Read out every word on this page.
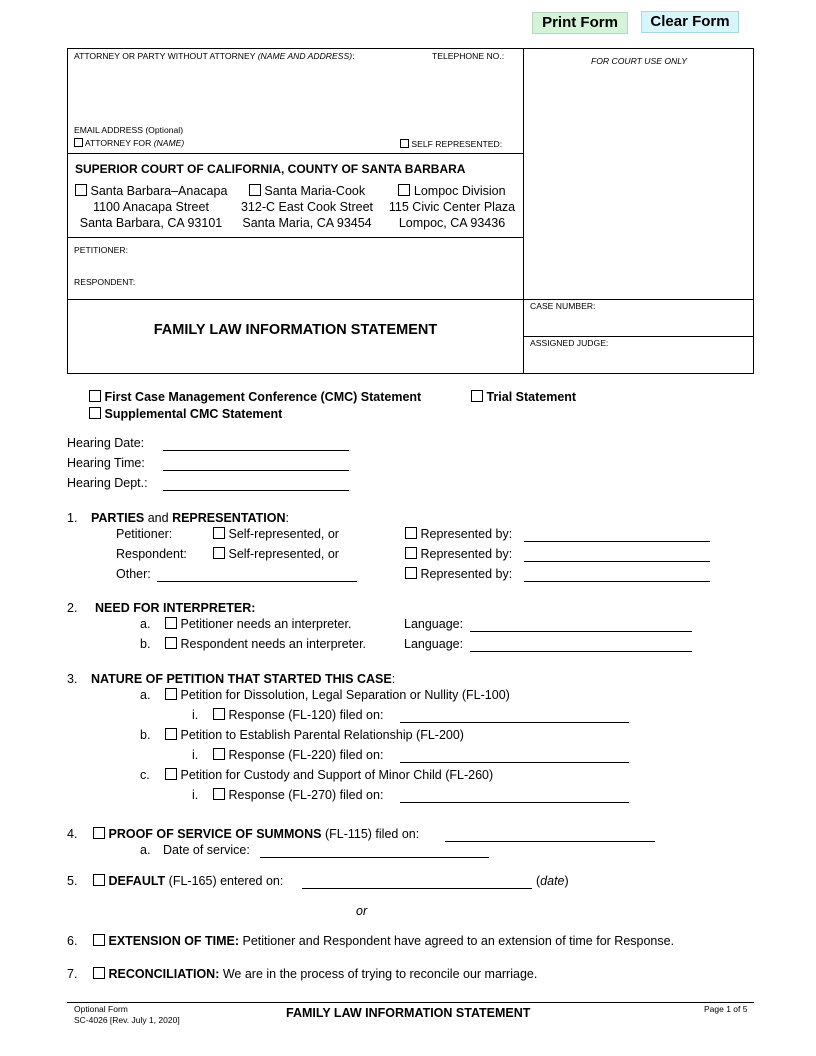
Print Form	Clear Form
ATTORNEY OR PARTY WITHOUT ATTORNEY (NAME AND ADDRESS):	TELEPHONE NO.:
EMAIL ADDRESS (Optional)
ATTORNEY FOR (NAME)	SELF REPRESENTED:
FOR COURT USE ONLY
SUPERIOR COURT OF CALIFORNIA, COUNTY OF SANTA BARBARA
Santa Barbara–Anacapa
1100 Anacapa Street
Santa Barbara, CA 93101
Santa Maria-Cook
312-C East Cook Street
Santa Maria, CA 93454
Lompoc Division
115 Civic Center Plaza
Lompoc, CA 93436
PETITIONER:
RESPONDENT:
FAMILY LAW INFORMATION STATEMENT
CASE NUMBER:
ASSIGNED JUDGE:
First Case Management Conference (CMC) Statement	Trial Statement
Supplemental CMC Statement
Hearing Date:
Hearing Time:
Hearing Dept.:
1. PARTIES and REPRESENTATION:
Petitioner:	Self-represented, or	Represented by:
Respondent:	Self-represented, or	Represented by:
Other:	Represented by:
2. NEED FOR INTERPRETER:
a.	Petitioner needs an interpreter.	Language:
b.	Respondent needs an interpreter.	Language:
3. NATURE OF PETITION THAT STARTED THIS CASE:
a.	Petition for Dissolution, Legal Separation or Nullity (FL-100)
i.	Response (FL-120) filed on:
b.	Petition to Establish Parental Relationship (FL-200)
i.	Response (FL-220) filed on:
c.	Petition for Custody and Support of Minor Child (FL-260)
i.	Response (FL-270) filed on:
4.	PROOF OF SERVICE OF SUMMONS (FL-115) filed on:
a. Date of service:
5.	DEFAULT (FL-165) entered on:	(date)
or
6.	EXTENSION OF TIME: Petitioner and Respondent have agreed to an extension of time for Response.
7.	RECONCILIATION: We are in the process of trying to reconcile our marriage.
Optional Form
SC-4026 [Rev. July 1, 2020]	FAMILY LAW INFORMATION STATEMENT	Page 1 of 5
